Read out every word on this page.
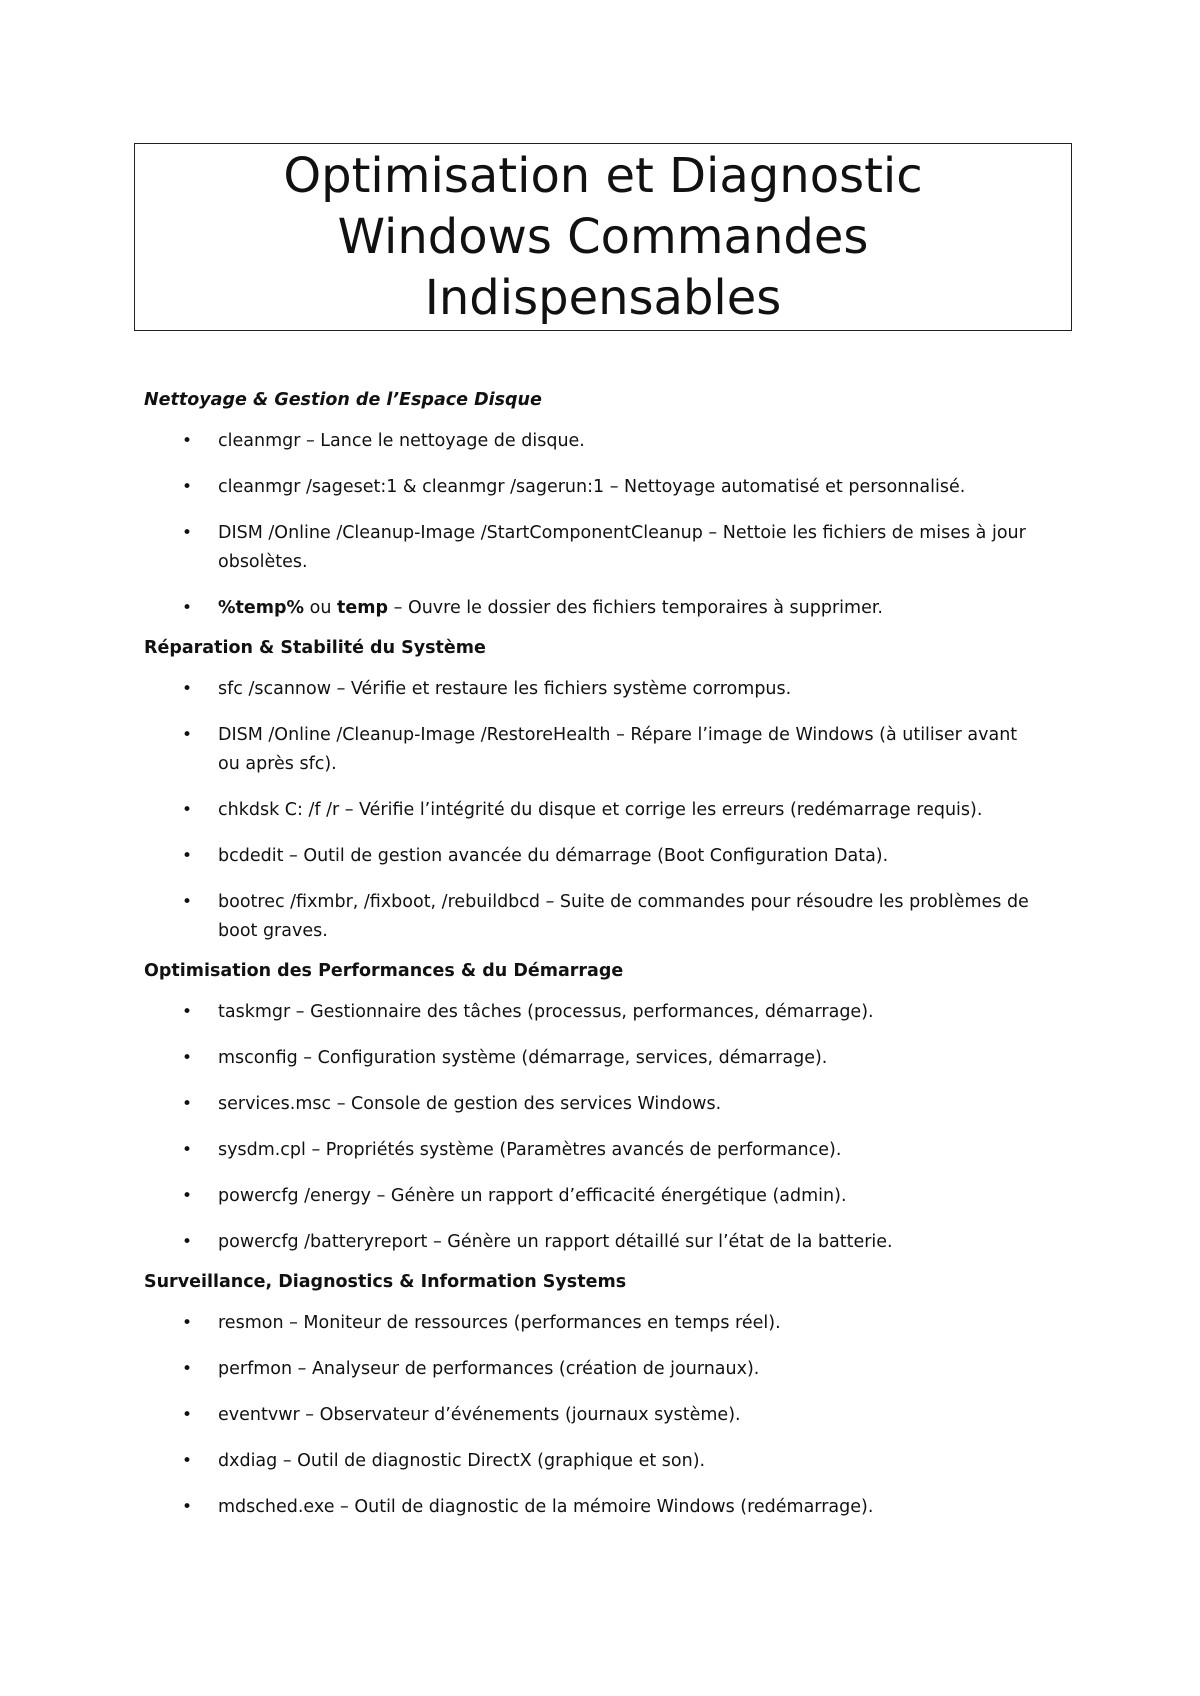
Optimisation et Diagnostic
Windows Commandes
Indispensables
Nettoyage & Gestion de l’Espace Disque
• cleanmgr – Lance le nettoyage de disque.
• cleanmgr /sageset:1 & cleanmgr /sagerun:1 – Nettoyage automatisé et personnalisé.
• DISM /Online /Cleanup-Image /StartComponentCleanup – Nettoie les fichiers de mises à jour
obsolètes.
• %temp% ou temp – Ouvre le dossier des fichiers temporaires à supprimer.
Réparation & Stabilité du Système
• sfc /scannow – Vérifie et restaure les fichiers système corrompus.
• DISM /Online /Cleanup-Image /RestoreHealth – Répare l’image de Windows (à utiliser avant
ou après sfc).
• chkdsk C: /f /r – Vérifie l’intégrité du disque et corrige les erreurs (redémarrage requis).
• bcdedit – Outil de gestion avancée du démarrage (Boot Configuration Data).
• bootrec /fixmbr, /fixboot, /rebuildbcd – Suite de commandes pour résoudre les problèmes de
boot graves.
Optimisation des Performances & du Démarrage
• taskmgr – Gestionnaire des tâches (processus, performances, démarrage).
• msconfig – Configuration système (démarrage, services, démarrage).
• services.msc – Console de gestion des services Windows.
• sysdm.cpl – Propriétés système (Paramètres avancés de performance).
• powercfg /energy – Génère un rapport d’efficacité énergétique (admin).
• powercfg /batteryreport – Génère un rapport détaillé sur l’état de la batterie.
Surveillance, Diagnostics & Information Systems
• resmon – Moniteur de ressources (performances en temps réel).
• perfmon – Analyseur de performances (création de journaux).
• eventvwr – Observateur d’événements (journaux système).
• dxdiag – Outil de diagnostic DirectX (graphique et son).
• mdsched.exe – Outil de diagnostic de la mémoire Windows (redémarrage).
